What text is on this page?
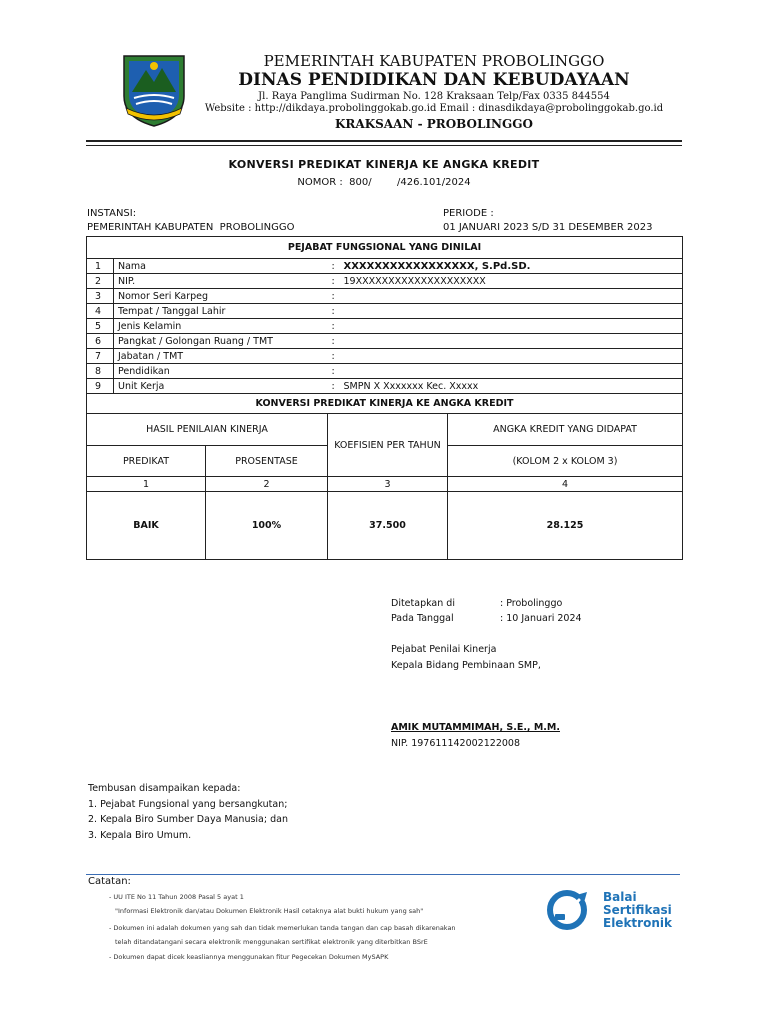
PEMERINTAH KABUPATEN PROBOLINGGO
DINAS PENDIDIKAN DAN KEBUDAYAAN
Jl. Raya Panglima Sudirman No. 128 Kraksaan Telp/Fax 0335 844554
Website : http://dikdaya.probolinggokab.go.id Email : dinasdikdaya@probolinggokab.go.id
KRAKSAAN - PROBOLINGGO
KONVERSI PREDIKAT KINERJA KE ANGKA KREDIT
NOMOR :  800/        /426.101/2024
INSTANSI:
PEMERINTAH KABUPATEN  PROBOLINGGO
PERIODE :
01 JANUARI 2023 S/D 31 DESEMBER 2023
PEJABAT FUNGSIONAL YANG DINILAI				
1	Nama		: XXXXXXXXXXXXXXXXX, S.Pd.SD.	
2	NIP.		: 19XXXXXXXXXXXXXXXXXXXX	
3	Nomor Seri Karpeg		:	
4	Tempat / Tanggal Lahir		:	
5	Jenis Kelamin		:	
6	Pangkat / Golongan Ruang / TMT		:	
7	Jabatan / TMT		:	
8	Pendidikan		:	
9	Unit Kerja		: SMPN X Xxxxxxx Kec. Xxxxx	
KONVERSI PREDIKAT KINERJA KE ANGKA KREDIT				
HASIL PENILAIAN KINERJA			KOEFISIEN PER TAHUN	ANGKA KREDIT YANG DIDAPAT
PREDIKAT		PROSENTASE		(KOLOM 2 x KOLOM 3)
1		2	3	4
BAIK		100%	37.500	28.125
Ditetapkan di	: Probolinggo
Pada Tanggal	: 10 Januari 2024
Pejabat Penilai Kinerja
Kepala Bidang Pembinaan SMP,
AMIK MUTAMMIMAH, S.E., M.M.
NIP. 197611142002122008
Tembusan disampaikan kepada:
1. Pejabat Fungsional yang bersangkutan;
2. Kepala Biro Sumber Daya Manusia; dan
3. Kepala Biro Umum.
Catatan:
- UU ITE No 11 Tahun 2008 Pasal 5 ayat 1
"Informasi Elektronik dan/atau Dokumen Elektronik Hasil cetaknya alat bukti hukum yang sah"
- Dokumen ini adalah dokumen yang sah dan tidak memerlukan tanda tangan dan cap basah dikarenakan
telah ditandatangani secara elektronik menggunakan sertifikat elektronik yang diterbitkan BSrE
- Dokumen dapat dicek keasliannya menggunakan fitur Pegecekan Dokumen MySAPK
Balai
Sertifikasi
Elektronik
